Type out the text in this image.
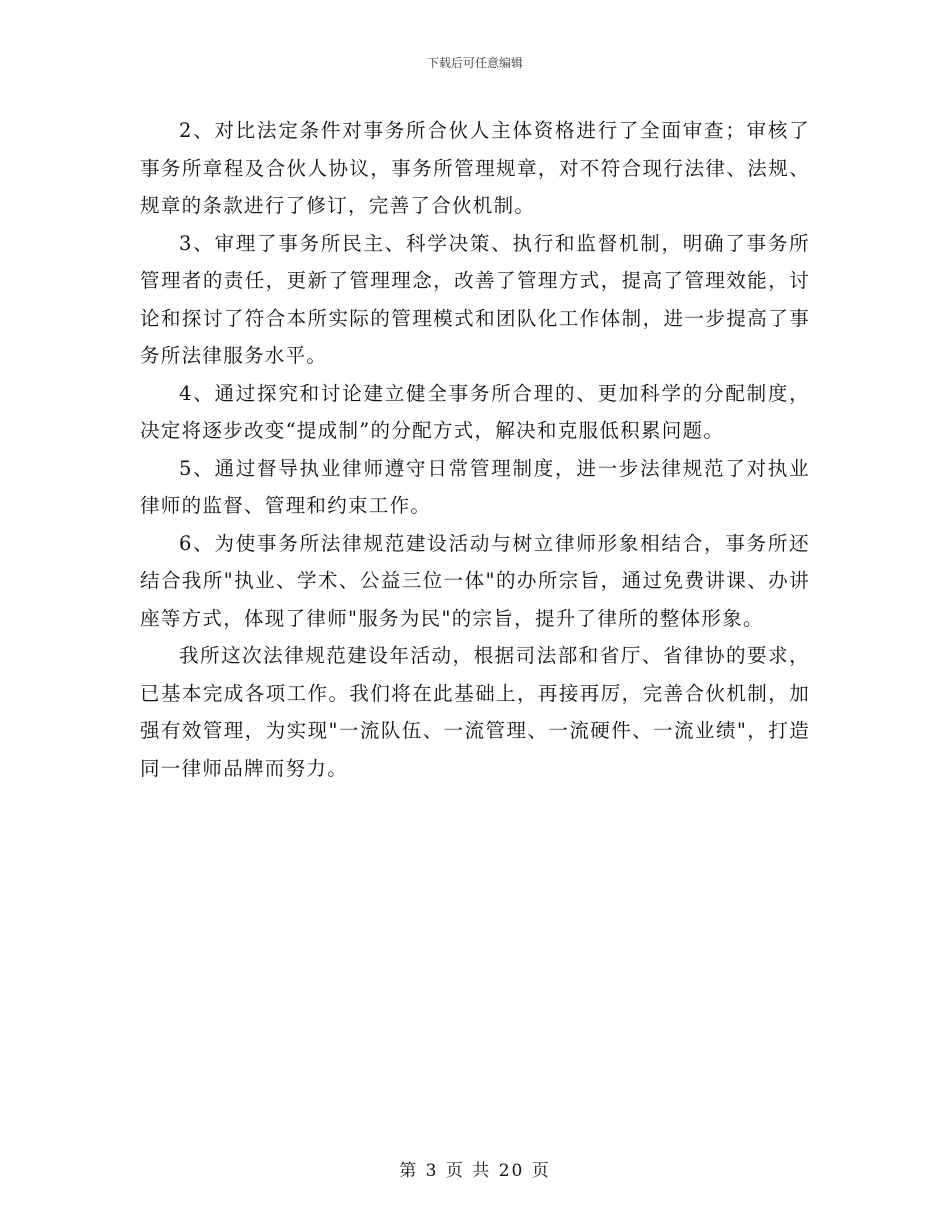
下载后可任意编辑

2、对比法定条件对事务所合伙人主体资格进行了全面审查；审核了事务所章程及合伙人协议，事务所管理规章，对不符合现行法律、法规、规章的条款进行了修订，完善了合伙机制。

3、审理了事务所民主、科学决策、执行和监督机制，明确了事务所管理者的责任，更新了管理理念，改善了管理方式，提高了管理效能，讨论和探讨了符合本所实际的管理模式和团队化工作体制，进一步提高了事务所法律服务水平。

4、通过探究和讨论建立健全事务所合理的、更加科学的分配制度，决定将逐步改变“提成制”的分配方式，解决和克服低积累问题。

5、通过督导执业律师遵守日常管理制度，进一步法律规范了对执业律师的监督、管理和约束工作。

6、为使事务所法律规范建设活动与树立律师形象相结合，事务所还结合我所"执业、学术、公益三位一体"的办所宗旨，通过免费讲课、办讲座等方式，体现了律师"服务为民"的宗旨，提升了律所的整体形象。

我所这次法律规范建设年活动，根据司法部和省厅、省律协的要求，已基本完成各项工作。我们将在此基础上，再接再厉，完善合伙机制，加强有效管理，为实现"一流队伍、一流管理、一流硬件、一流业绩"，打造同一律师品牌而努力。

第 3 页 共 20 页
